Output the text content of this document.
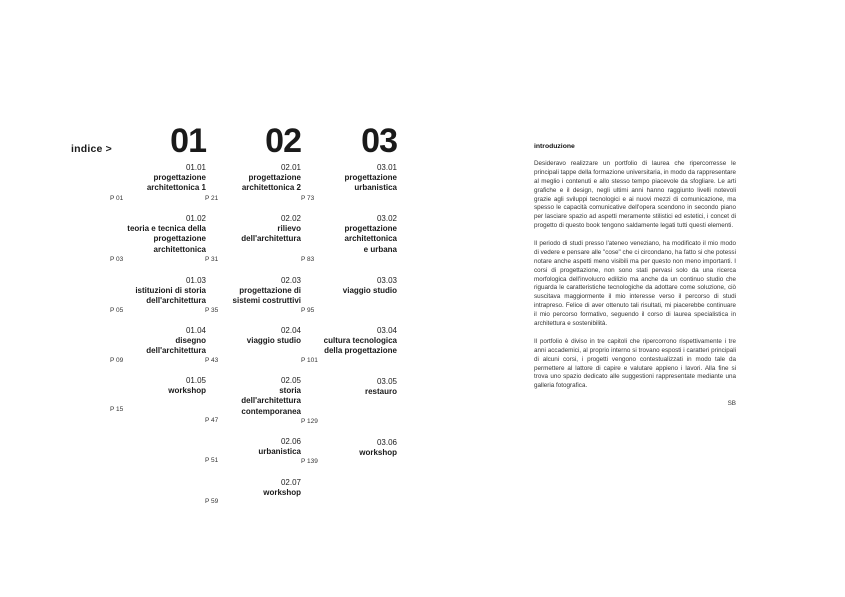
indice > 01
01.01
progettazione
architettonica 1
P 01
01.02
teoria e tecnica della
progettazione
architettonica
P 03
01.03
istituzioni di storia
dell'architettura
P 05
01.04
disegno
dell'architettura
P 09
01.05
workshop
P 15
02
02.01
progettazione
architettonica 2
P 21
02.02
rilievo
dell'architettura
P 31
02.03
progettazione di
sistemi costruttivi
P 35
02.04
viaggio studio
P 43
02.05
storia
dell'architettura
contemporanea
P 47
02.06
urbanistica
P 51
02.07
workshop
P 59
03
03.01
progettazione
urbanistica
P 73
03.02
progettazione
architettonica
e urbana
P 83
03.03
viaggio studio
P 95
03.04
cultura tecnologica
della progettazione
P 101
03.05
restauro
P 129
03.06
workshop
P 139
introduzione

Desideravo realizzare un portfolio di laurea che ripercorresse le principali tappe della formazione universitaria, in modo da rappresentare al meglio i contenuti e allo stesso tempo piacevole da sfogliare. Le arti grafiche e il design, negli ultimi anni hanno raggiunto livelli notevoli grazie agli sviluppi tecnologici e ai nuovi mezzi di comunicazione, ma spesso le capacità comunicative dell'opera scendono in secondo piano per lasciare spazio ad aspetti meramente stilistici ed estetici, i concet di progetto di questo book tengono saldamente legati tutti questi elementi.

Il periodo di studi presso l'ateneo veneziano, ha modificato il mio modo di vedere e pensare alle "cose" che ci circondano, ha fatto si che potessi notare anche aspetti meno visibili ma per questo non meno importanti. I corsi di progettazione, non sono stati pervasi solo da una ricerca morfologica dell'involucro edilizio ma anche da un continuo studio che riguarda le caratteristiche tecnologiche da adottare come soluzione, ciò suscitava maggiormente il mio interesse verso il percorso di studi intrapreso. Felice di aver ottenuto tali risultati, mi piacerebbe continuare il mio percorso formativo, seguendo il corso di laurea specialistica in architettura e sostenibilità.

Il portfolio è diviso in tre capitoli che ripercorrono rispettivamente i tre anni accademici, al proprio interno si trovano esposti i caratteri principali di alcuni corsi, i progetti vengono contestualizzati in modo tale da permettere al lattore di capire e valutare appieno i lavori. Alla fine si trova uno spazio dedicato alle suggestioni rappresentate mediante una galleria fotografica.

SB
